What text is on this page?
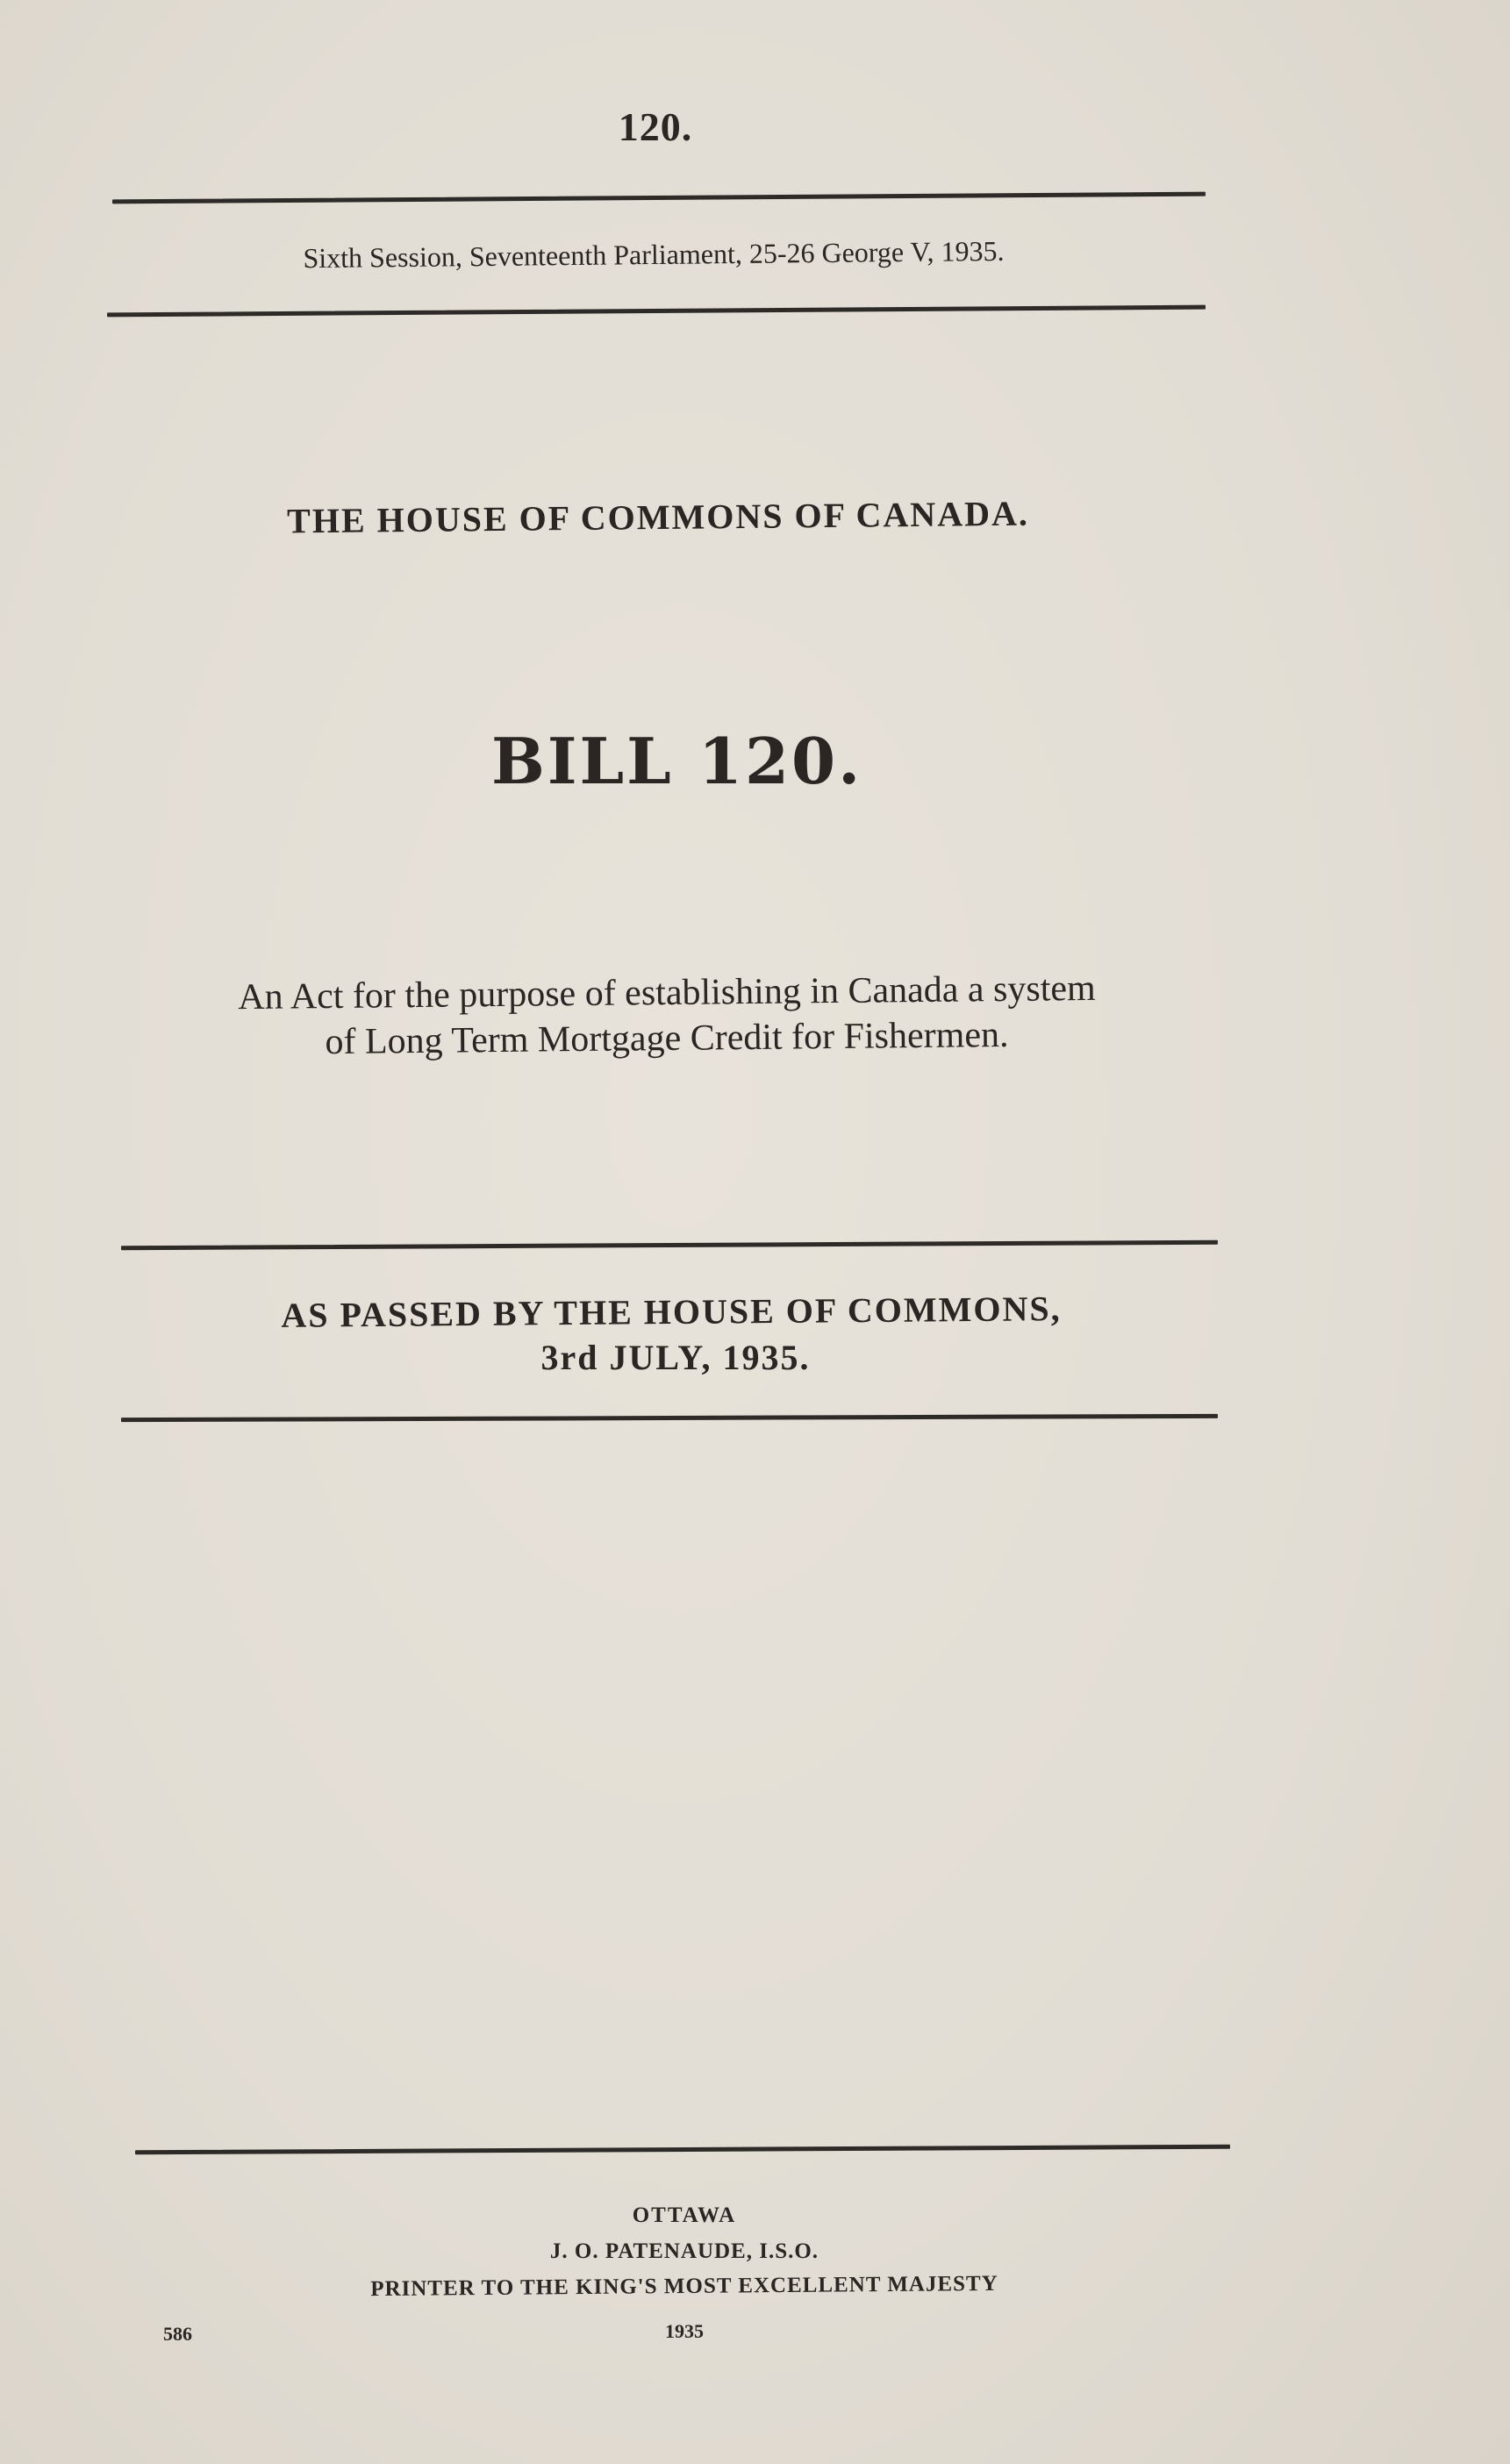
120.
Sixth Session, Seventeenth Parliament, 25-26 George V, 1935.
THE HOUSE OF COMMONS OF CANADA.
BILL 120.
An Act for the purpose of establishing in Canada a system
of Long Term Mortgage Credit for Fishermen.
AS PASSED BY THE HOUSE OF COMMONS,
3rd JULY, 1935.
OTTAWA
J. O. PATENAUDE, I.S.O.
PRINTER TO THE KING'S MOST EXCELLENT MAJESTY
1935
586
